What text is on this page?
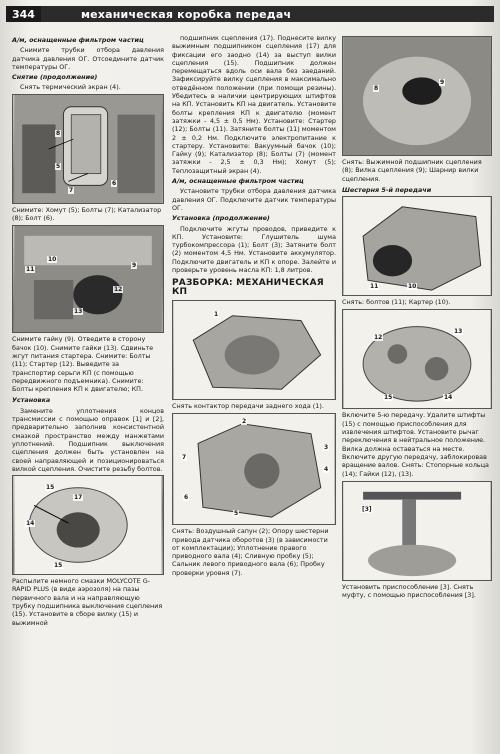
344	механическая коробка передач
А/м, оснащенные фильтром частиц
Снимите трубки отбора давления датчика давления ОГ. Отсоедините датчик температуры ОГ.
Снятие (продолжение)
Снять термический экран (4).
8
5
7
6
Снимите: Хомут (5); Болты (7); Катализатор (8); Болт (6).
11
10
9
12
13
Снимите гайку (9). Отведите в сторону бачок (10). Снимите гайки (13). Сдвиньте жгут питания стартера. Снимите: Болты (11); Стартер (12). Выведите за транспортир серьги КП (с помощью передвижного подъемника). Снимите: Болты крепления КП к двигателю; КП.
Установка
Замените уплотнения концов трансмиссии с помощью оправок [1] и [2], предварительно заполнив консистентной смазкой пространство между манжетами уплотнений. Подшипник выключения сцепления должен быть установлен на своей направляющей и позиционироваться вилкой сцепления. Очистите резьбу болтов.
15
17
14
15
Распылите немного смазки MOLYCOTE G-RAPID PLUS (в виде аэрозоля) на пазы первичного вала и на направляющую трубку подшипника выключения сцепления (15). Установите в сборе вилку (15) и выжимной
подшипник сцепления (17). Поднесите вилку выжимным подшипником сцепления (17) для фиксации его заодно (14) за выступ вилки сцепления (15). Подшипник должен перемещаться вдоль оси вала без заеданий. Зафиксируйте вилку сцепления в максимально отведённом положении (при помощи резины). Убедитесь в наличии центрирующих штифтов на КП. Установить КП на двигатель. Установите болты крепления КП к двигателю (момент затяжки - 4,5 ± 0,5 Нм). Установите: Стартер (12); Болты (11). Затяните болты (11) моментом 2 ± 0,2 Нм. Подключите электропитание к стартеру. Установите: Вакуумный бачок (10); Гайку (9); Катализатор (8); Болты (7) (момент затяжки - 2,5 ± 0,3 Нм); Хомут (5); Теплозащитный экран (4).
А/м, оснащенные фильтром частиц
Установите трубки отбора давления датчика давления ОГ. Подключите датчик температуры ОГ.
Установка (продолжение)
Подключите жгуты проводов, приведите к КП. Установите: Глушитель шума турбокомпрессора (1); Болт (3); Затяните болт (2) моментом 4,5 Нм. Установите аккумулятор. Подключите двигатель и КП к опоре. Залейте и проверьте уровень масла КП: 1,8 литров.
РАЗБОРКА: МЕХАНИЧЕСКАЯ КП
1
Снять контактор передачи заднего хода (1).
2
3
4
7
6
5
Снять: Воздушный сапун (2); Опору шестерни привода датчика оборотов (3) (в зависимости от комплектации); Уплотнение правого приводного вала (4); Сливную пробку (5); Сальник левого приводного вала (6); Пробку проверки уровня (7).
8
9
Снять: Выжимной подшипник сцепления (8); Вилка сцепления (9); Шарнир вилки сцепления.
Шестерня 5-й передачи
11	10
Снять: болтов (11); Картер (10).
12
13
15	14
Включите 5-ю передачу. Удалите штифты (15) с помощью приспособления для извлечения штифтов. Установите рычаг переключения в нейтральное положение. Вилка должна оставаться на месте. Включите другую передачу, заблокировав вращение валов. Снять: Стопорные кольца (14); Гайки (12), (13).
[3]
Установить приспособление [3]. Снять муфту, с помощью приспособления [3].
